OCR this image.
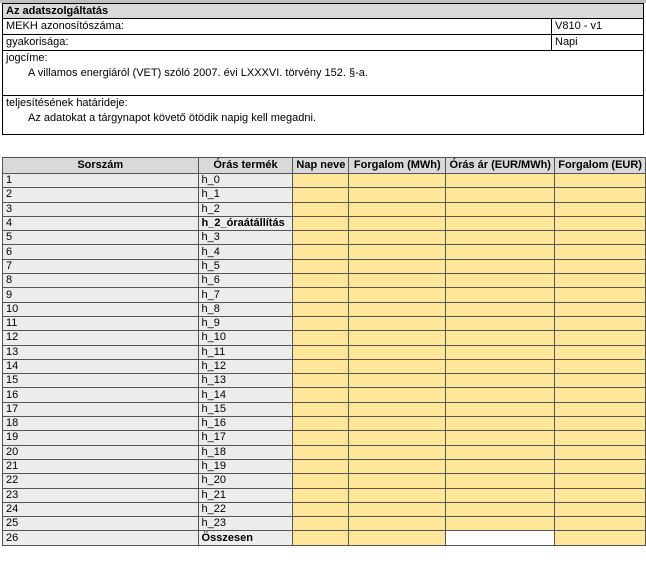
Az adatszolgáltatás
MEKH azonosítószáma:	V810 - v1
gyakorisága:	Napi
jogcíme:
A villamos energiáról (VET) szóló 2007. évi LXXXVI. törvény 152. §-a.
teljesítésének határideje:
Az adatokat a tárgynapot követő ötödik napig kell megadni.
Sorszám	Órás termék	Nap neve	Forgalom (MWh)	Órás ár (EUR/MWh)	Forgalom (EUR)
1	h_0				
2	h_1				
3	h_2				
4	h_2_óraátállítás				
5	h_3				
6	h_4				
7	h_5				
8	h_6				
9	h_7				
10	h_8				
11	h_9				
12	h_10				
13	h_11				
14	h_12				
15	h_13				
16	h_14				
17	h_15				
18	h_16				
19	h_17				
20	h_18				
21	h_19				
22	h_20				
23	h_21				
24	h_22				
25	h_23				
26	Összesen				
